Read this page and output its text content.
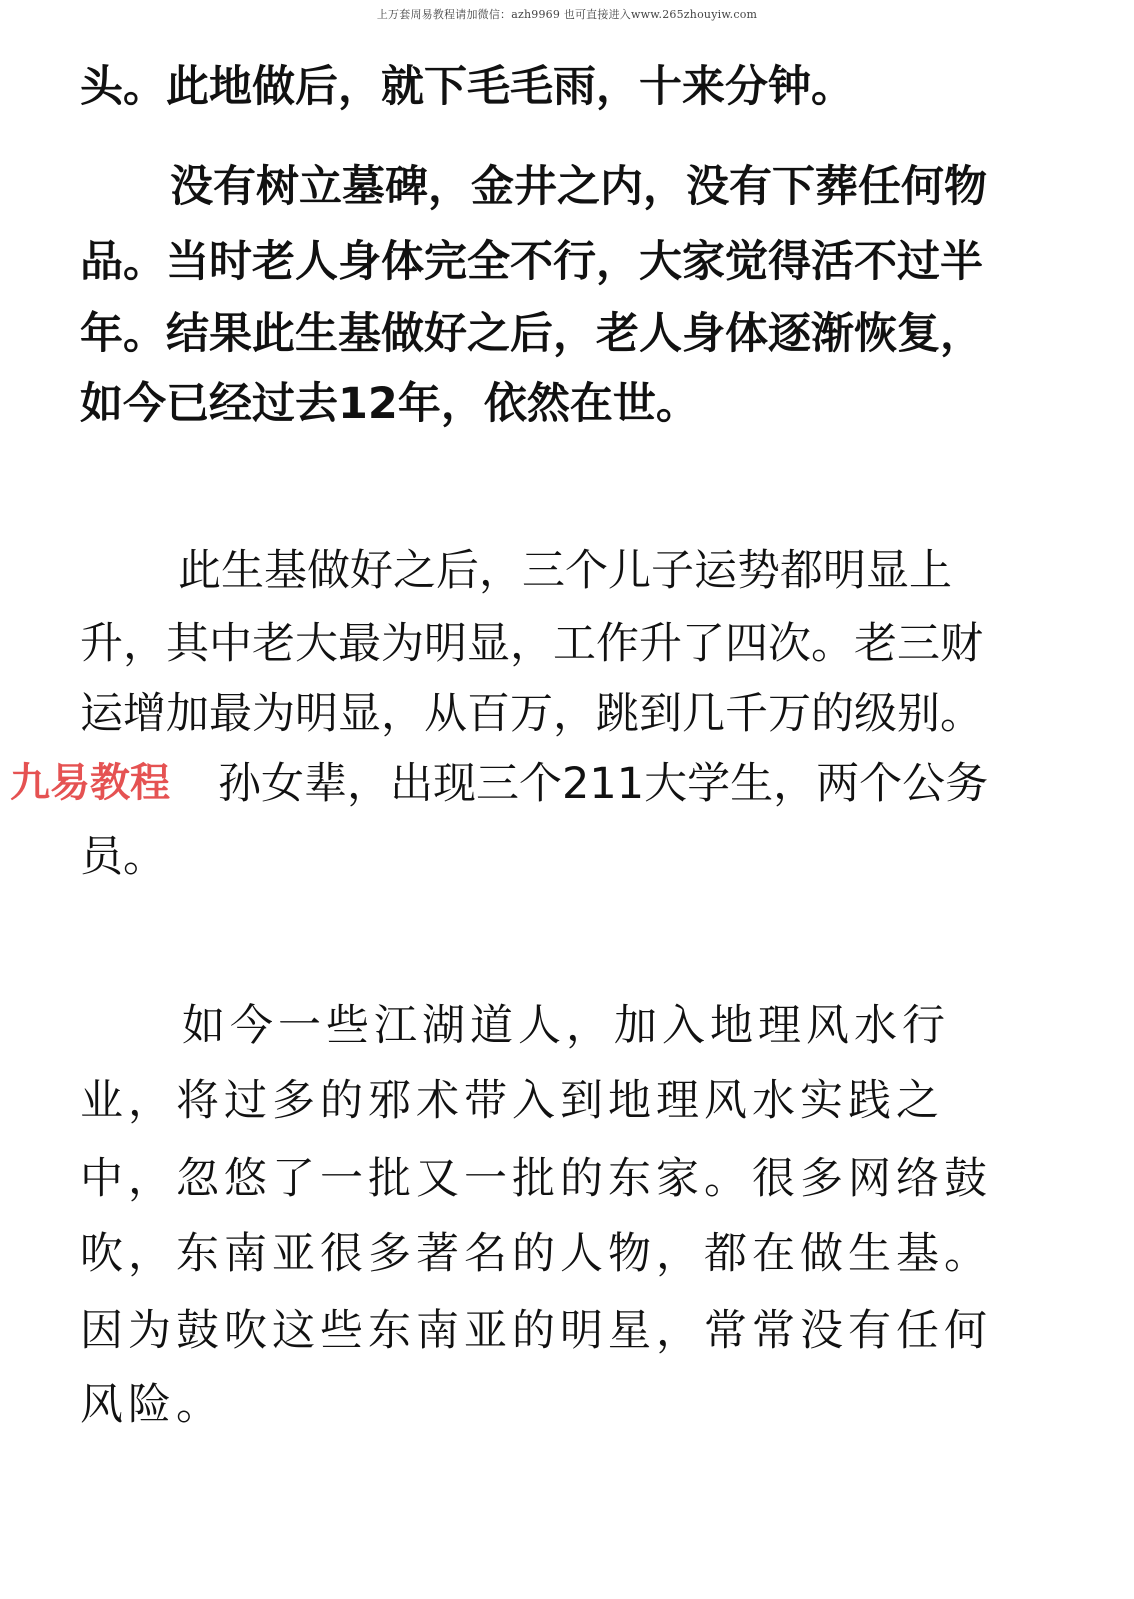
上万套周易教程请加微信：azh9969 也可直接进入www.265zhouyiw.com
头。此地做后，就下毛毛雨，十来分钟。
没有树立墓碑，金井之内，没有下葬任何物
品。当时老人身体完全不行，大家觉得活不过半
年。结果此生基做好之后，老人身体逐渐恢复，
如今已经过去12年，依然在世。
此生基做好之后，三个儿子运势都明显上
升，其中老大最为明显，工作升了四次。老三财
运增加最为明显，从百万，跳到几千万的级别。
孙女辈，出现三个211大学生，两个公务
员。
九易教程
如今一些江湖道人，加入地理风水行
业，将过多的邪术带入到地理风水实践之
中，忽悠了一批又一批的东家。很多网络鼓
吹，东南亚很多著名的人物，都在做生基。
因为鼓吹这些东南亚的明星，常常没有任何
风险。
